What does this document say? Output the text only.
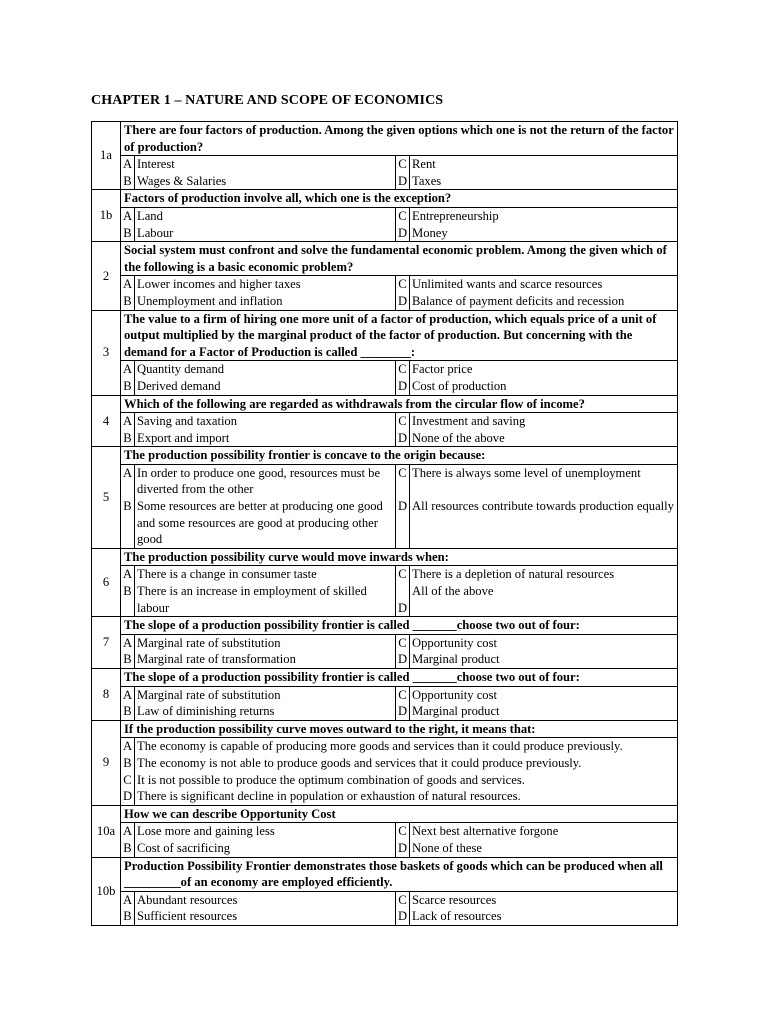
CHAPTER 1 – NATURE AND SCOPE OF ECONOMICS
1a	There are four factors of production. Among the given options which one is not the return of the factor of production?

A	Interest	C	Rent
B	Wages & Salaries	D	Taxes

1b	Factors of production involve all, which one is the exception?

A	Land	C	Entrepreneurship
B	Labour	D	Money

2	Social system must confront and solve the fundamental economic problem. Among the given which of the following is a basic economic problem?

A	Lower incomes and higher taxes	C	Unlimited wants and scarce resources
B	Unemployment and inflation	D	Balance of payment deficits and recession

3	The value to a firm of hiring one more unit of a factor of production, which equals price of a unit of output multiplied by the marginal product of the factor of production. But concerning with the demand for a Factor of Production is called ________:

A	Quantity demand	C	Factor price
B	Derived demand	D	Cost of production

4	Which of the following are regarded as withdrawals from the circular flow of income?

A	Saving and taxation	C	Investment and saving
B	Export and import	D	None of the above

5	The production possibility frontier is concave to the origin because:

A	In order to produce one good, resources must be diverted from the other	C	There is always some level of unemployment
B	Some resources are better at producing one good and some resources are good at producing other good	D	All resources contribute towards production equally

6	The production possibility curve would move inwards when:

A	There is a change in consumer taste	C	There is a depletion of natural resources
B	There is an increase in employment of skilled labour	D	All of the above

7	The slope of a production possibility frontier is called _______choose two out of four:

A	Marginal rate of substitution	C	Opportunity cost
B	Marginal rate of transformation	D	Marginal product

8	The slope of a production possibility frontier is called _______choose two out of four:

A	Marginal rate of substitution	C	Opportunity cost
B	Law of diminishing returns	D	Marginal product

9	If the production possibility curve moves outward to the right, it means that:

A	The economy is capable of producing more goods and services than it could produce previously.
B	The economy is not able to produce goods and services that it could produce previously.
C	It is not possible to produce the optimum combination of goods and services.
D	There is significant decline in population or exhaustion of natural resources.

10a	How we can describe Opportunity Cost

A	Lose more and gaining less	C	Next best alternative forgone
B	Cost of sacrificing	D	None of these

10b	Production Possibility Frontier demonstrates those baskets of goods which can be produced when all _________of an economy are employed efficiently.

A	Abundant resources	C	Scarce resources
B	Sufficient resources	D	Lack of resources
